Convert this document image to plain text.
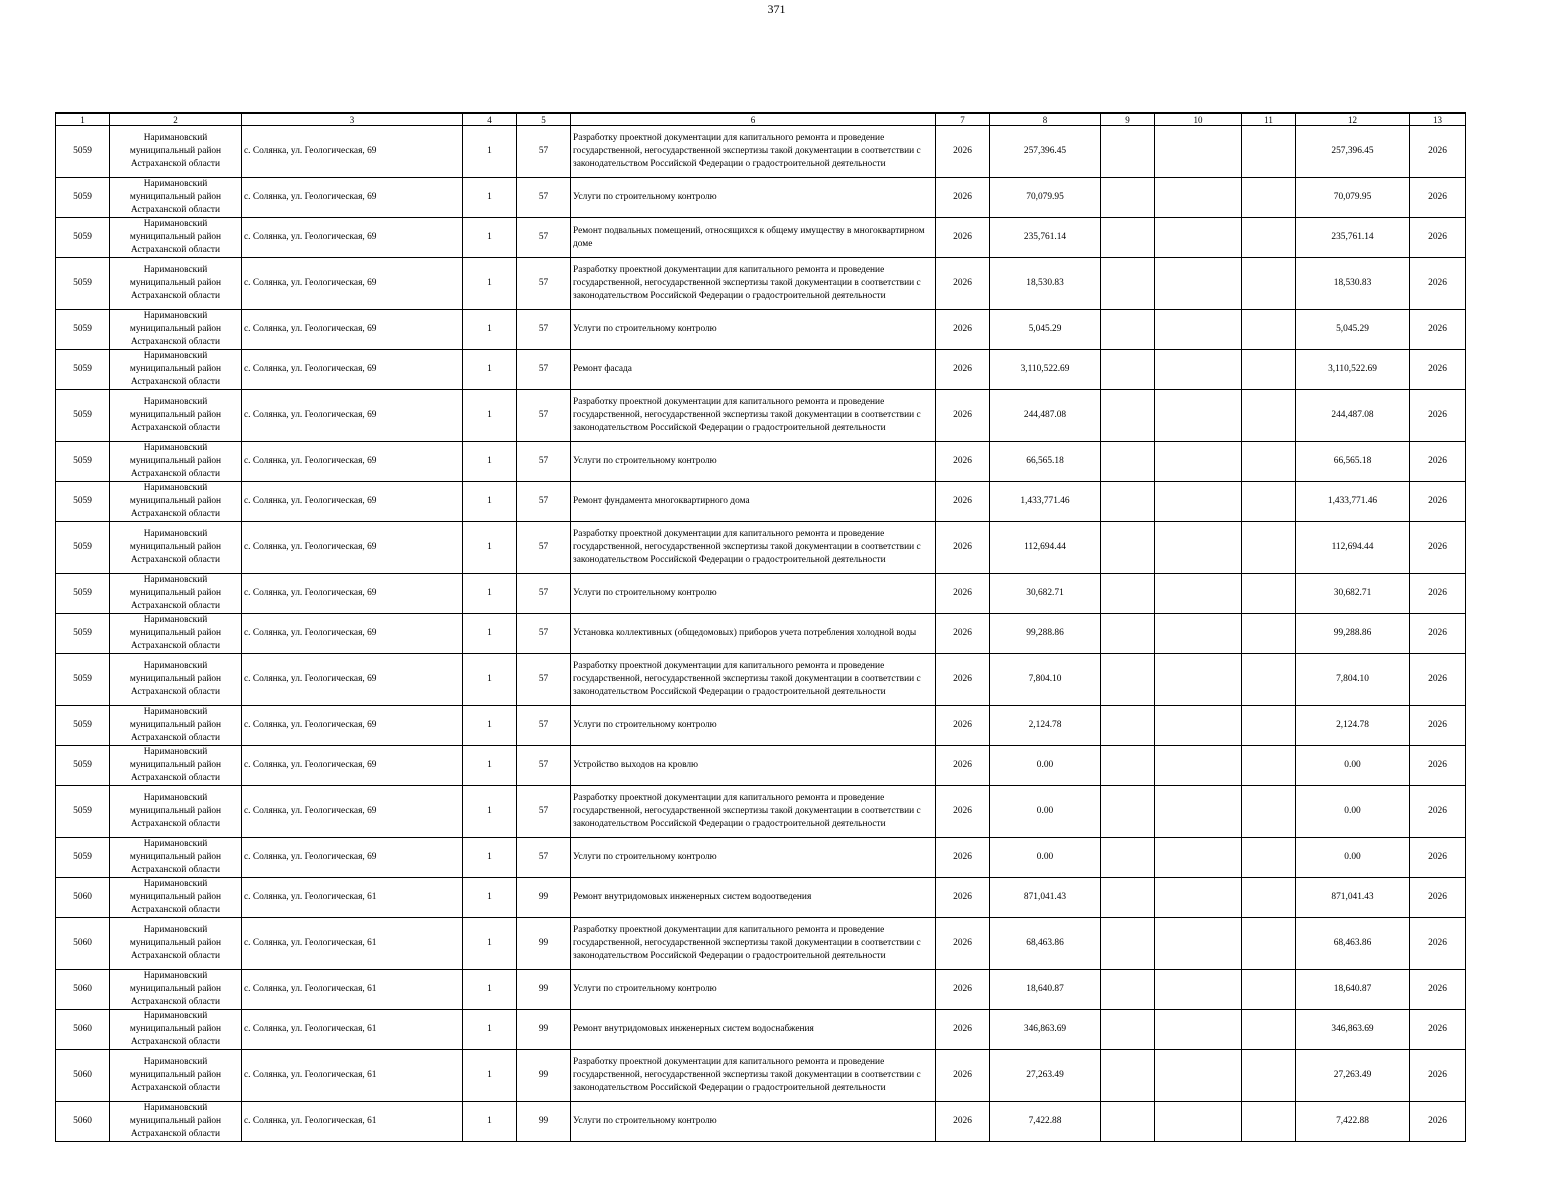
371
1	2	3	4	5	6	7	8	9	10	11	12	13

5059	Наримановский муниципальный район Астраханской области	с. Солянка, ул. Геологическая, 69	1	57	Разработку проектной документации для капитального ремонта и проведение государственной, негосударственной экспертизы такой документации в соответствии с законодательством Российской Федерации о градостроительной деятельности	2026	257,396.45				257,396.45	2026

5059	Наримановский муниципальный район Астраханской области	с. Солянка, ул. Геологическая, 69	1	57	Услуги по строительному контролю	2026	70,079.95				70,079.95	2026

5059	Наримановский муниципальный район Астраханской области	с. Солянка, ул. Геологическая, 69	1	57	Ремонт подвальных помещений, относящихся к общему имуществу в многоквартирном доме	2026	235,761.14				235,761.14	2026

5059	Наримановский муниципальный район Астраханской области	с. Солянка, ул. Геологическая, 69	1	57	Разработку проектной документации для капитального ремонта и проведение государственной, негосударственной экспертизы такой документации в соответствии с законодательством Российской Федерации о градостроительной деятельности	2026	18,530.83				18,530.83	2026

5059	Наримановский муниципальный район Астраханской области	с. Солянка, ул. Геологическая, 69	1	57	Услуги по строительному контролю	2026	5,045.29				5,045.29	2026

5059	Наримановский муниципальный район Астраханской области	с. Солянка, ул. Геологическая, 69	1	57	Ремонт фасада	2026	3,110,522.69				3,110,522.69	2026

5059	Наримановский муниципальный район Астраханской области	с. Солянка, ул. Геологическая, 69	1	57	Разработку проектной документации для капитального ремонта и проведение государственной, негосударственной экспертизы такой документации в соответствии с законодательством Российской Федерации о градостроительной деятельности	2026	244,487.08				244,487.08	2026

5059	Наримановский муниципальный район Астраханской области	с. Солянка, ул. Геологическая, 69	1	57	Услуги по строительному контролю	2026	66,565.18				66,565.18	2026

5059	Наримановский муниципальный район Астраханской области	с. Солянка, ул. Геологическая, 69	1	57	Ремонт фундамента многоквартирного дома	2026	1,433,771.46				1,433,771.46	2026

5059	Наримановский муниципальный район Астраханской области	с. Солянка, ул. Геологическая, 69	1	57	Разработку проектной документации для капитального ремонта и проведение государственной, негосударственной экспертизы такой документации в соответствии с законодательством Российской Федерации о градостроительной деятельности	2026	112,694.44				112,694.44	2026

5059	Наримановский муниципальный район Астраханской области	с. Солянка, ул. Геологическая, 69	1	57	Услуги по строительному контролю	2026	30,682.71				30,682.71	2026

5059	Наримановский муниципальный район Астраханской области	с. Солянка, ул. Геологическая, 69	1	57	Установка коллективных (общедомовых) приборов учета потребления холодной воды	2026	99,288.86				99,288.86	2026

5059	Наримановский муниципальный район Астраханской области	с. Солянка, ул. Геологическая, 69	1	57	Разработку проектной документации для капитального ремонта и проведение государственной, негосударственной экспертизы такой документации в соответствии с законодательством Российской Федерации о градостроительной деятельности	2026	7,804.10				7,804.10	2026

5059	Наримановский муниципальный район Астраханской области	с. Солянка, ул. Геологическая, 69	1	57	Услуги по строительному контролю	2026	2,124.78				2,124.78	2026

5059	Наримановский муниципальный район Астраханской области	с. Солянка, ул. Геологическая, 69	1	57	Устройство выходов на кровлю	2026	0.00				0.00	2026

5059	Наримановский муниципальный район Астраханской области	с. Солянка, ул. Геологическая, 69	1	57	Разработку проектной документации для капитального ремонта и проведение государственной, негосударственной экспертизы такой документации в соответствии с законодательством Российской Федерации о градостроительной деятельности	2026	0.00				0.00	2026

5059	Наримановский муниципальный район Астраханской области	с. Солянка, ул. Геологическая, 69	1	57	Услуги по строительному контролю	2026	0.00				0.00	2026

5060	Наримановский муниципальный район Астраханской области	с. Солянка, ул. Геологическая, 61	1	99	Ремонт внутридомовых инженерных систем водоотведения	2026	871,041.43				871,041.43	2026

5060	Наримановский муниципальный район Астраханской области	с. Солянка, ул. Геологическая, 61	1	99	Разработку проектной документации для капитального ремонта и проведение государственной, негосударственной экспертизы такой документации в соответствии с законодательством Российской Федерации о градостроительной деятельности	2026	68,463.86				68,463.86	2026

5060	Наримановский муниципальный район Астраханской области	с. Солянка, ул. Геологическая, 61	1	99	Услуги по строительному контролю	2026	18,640.87				18,640.87	2026

5060	Наримановский муниципальный район Астраханской области	с. Солянка, ул. Геологическая, 61	1	99	Ремонт внутридомовых инженерных систем водоснабжения	2026	346,863.69				346,863.69	2026

5060	Наримановский муниципальный район Астраханской области	с. Солянка, ул. Геологическая, 61	1	99	Разработку проектной документации для капитального ремонта и проведение государственной, негосударственной экспертизы такой документации в соответствии с законодательством Российской Федерации о градостроительной деятельности	2026	27,263.49				27,263.49	2026

5060	Наримановский муниципальный район Астраханской области	с. Солянка, ул. Геологическая, 61	1	99	Услуги по строительному контролю	2026	7,422.88				7,422.88	2026
